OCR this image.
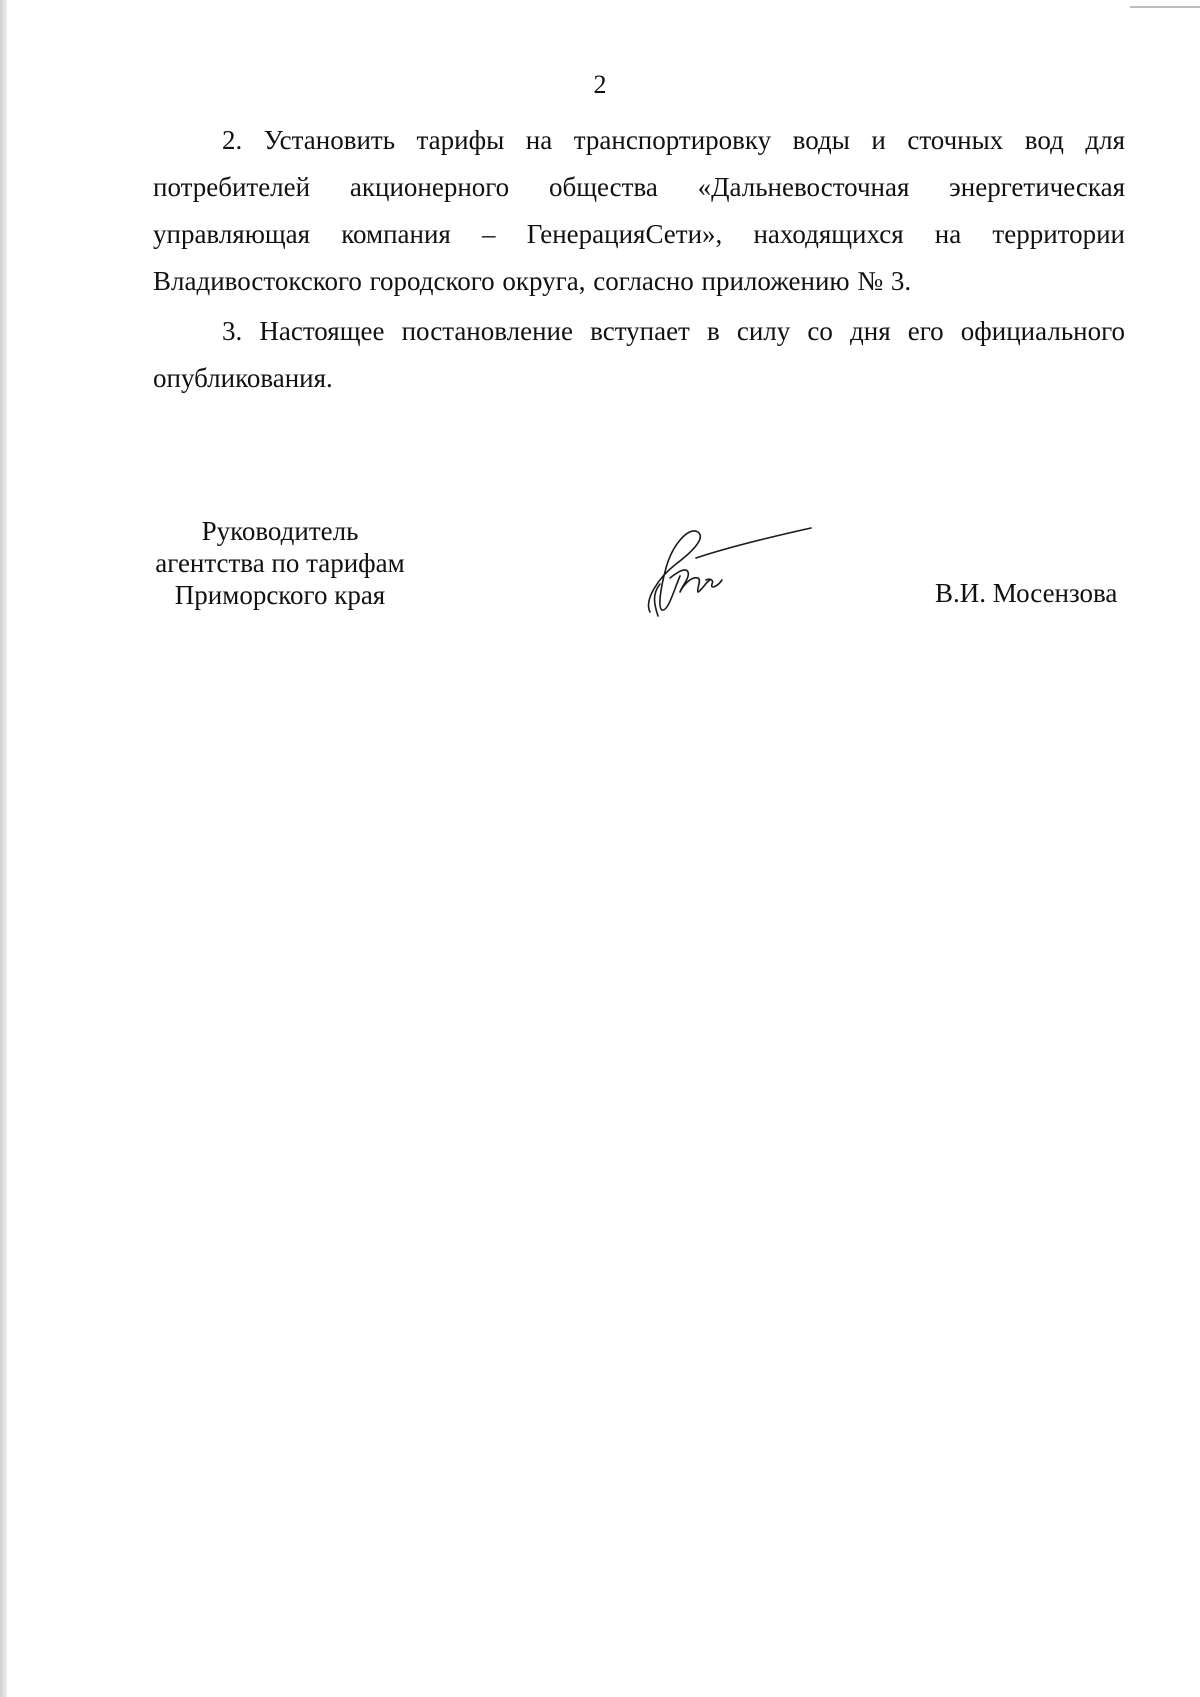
2
2. Установить тарифы на транспортировку воды и сточных вод для
потребителей акционерного общества «Дальневосточная энергетическая
управляющая компания – ГенерацияСети», находящихся на территории
Владивостокского городского округа, согласно приложению № 3.
3. Настоящее постановление вступает в силу со дня его официального
опубликования.
Руководитель
агентства по тарифам
Приморского края	В.И. Мосензова
